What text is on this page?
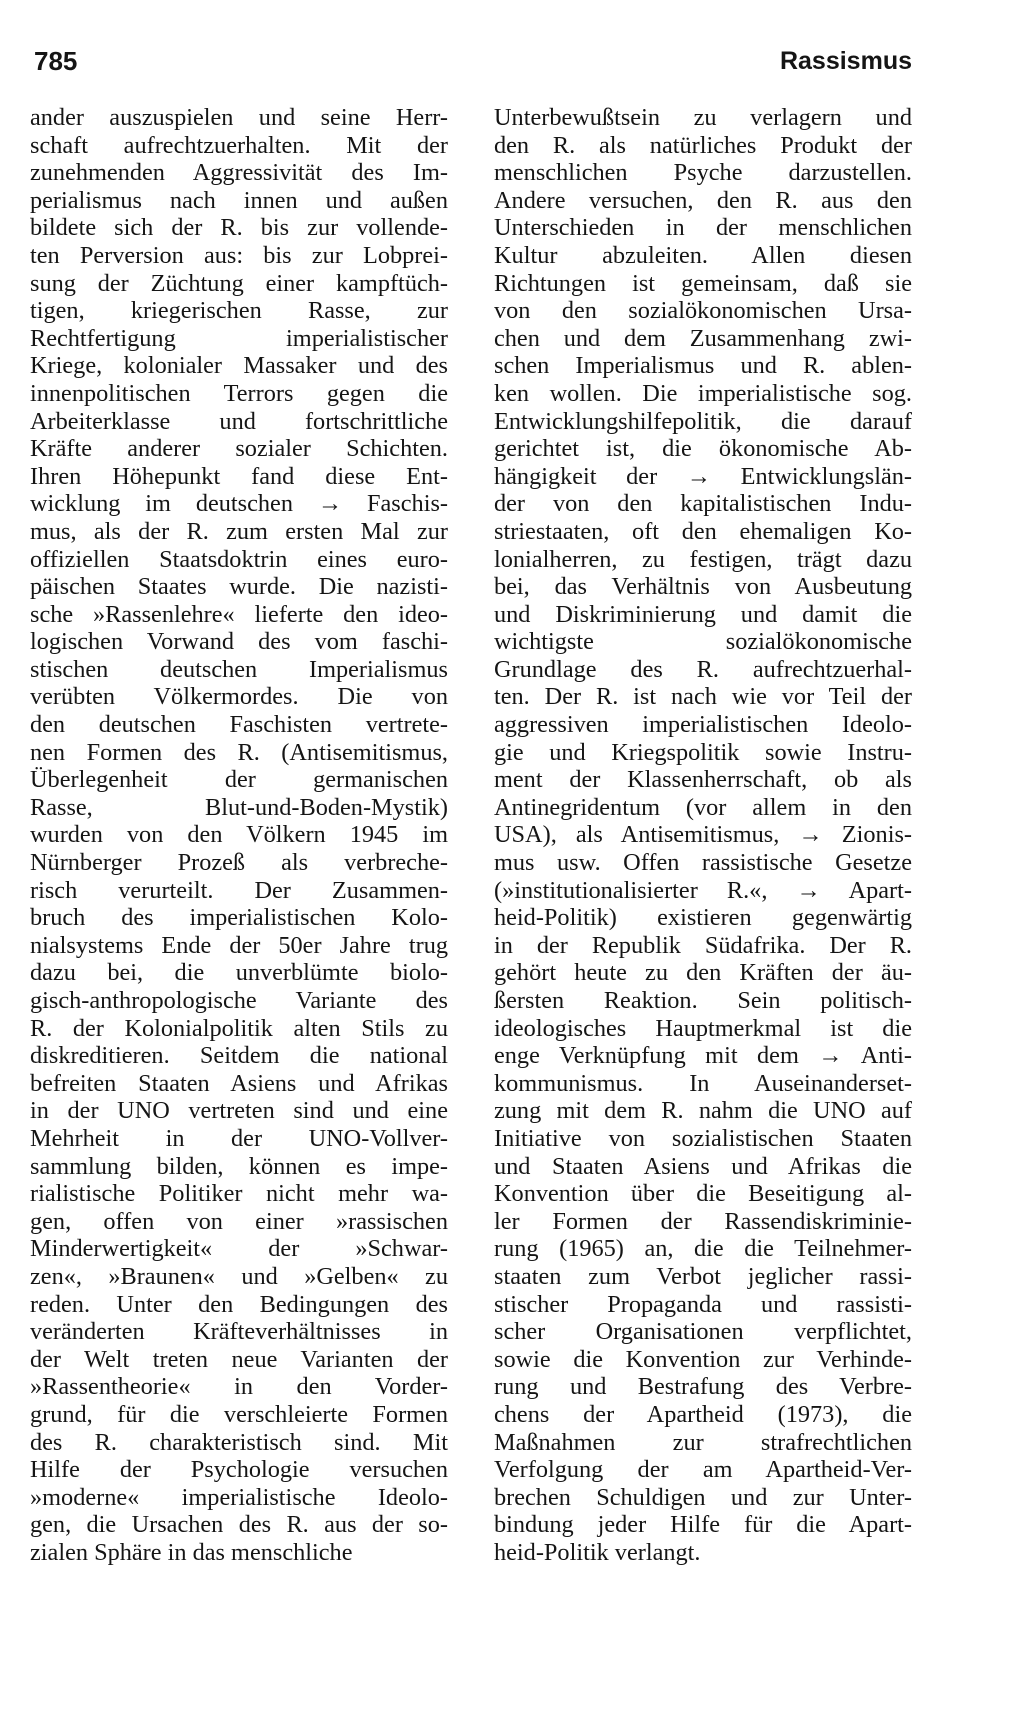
785	Rassismus
ander auszuspielen und seine Herr-
schaft aufrechtzuerhalten. Mit der
zunehmenden Aggressivität des Im-
perialismus nach innen und außen
bildete sich der R. bis zur vollende-
ten Perversion aus: bis zur Lobprei-
sung der Züchtung einer kampftüch-
tigen, kriegerischen Rasse, zur
Rechtfertigung imperialistischer
Kriege, kolonialer Massaker und des
innenpolitischen Terrors gegen die
Arbeiterklasse und fortschrittliche
Kräfte anderer sozialer Schichten.
Ihren Höhepunkt fand diese Ent-
wicklung im deutschen → Faschis-
mus, als der R. zum ersten Mal zur
offiziellen Staatsdoktrin eines euro-
päischen Staates wurde. Die nazisti-
sche »Rassenlehre« lieferte den ideo-
logischen Vorwand des vom faschi-
stischen deutschen Imperialismus
verübten Völkermordes. Die von
den deutschen Faschisten vertrete-
nen Formen des R. (Antisemitismus,
Überlegenheit der germanischen
Rasse, Blut-und-Boden-Mystik)
wurden von den Völkern 1945 im
Nürnberger Prozeß als verbreche-
risch verurteilt. Der Zusammen-
bruch des imperialistischen Kolo-
nialsystems Ende der 50er Jahre trug
dazu bei, die unverblümte biolo-
gisch-anthropologische Variante des
R. der Kolonialpolitik alten Stils zu
diskreditieren. Seitdem die national
befreiten Staaten Asiens und Afrikas
in der UNO vertreten sind und eine
Mehrheit in der UNO-Vollver-
sammlung bilden, können es impe-
rialistische Politiker nicht mehr wa-
gen, offen von einer »rassischen
Minderwertigkeit« der »Schwar-
zen«, »Braunen« und »Gelben« zu
reden. Unter den Bedingungen des
veränderten Kräfteverhältnisses in
der Welt treten neue Varianten der
»Rassentheorie« in den Vorder-
grund, für die verschleierte Formen
des R. charakteristisch sind. Mit
Hilfe der Psychologie versuchen
»moderne« imperialistische Ideolo-
gen, die Ursachen des R. aus der so-
zialen Sphäre in das menschliche
Unterbewußtsein zu verlagern und
den R. als natürliches Produkt der
menschlichen Psyche darzustellen.
Andere versuchen, den R. aus den
Unterschieden in der menschlichen
Kultur abzuleiten. Allen diesen
Richtungen ist gemeinsam, daß sie
von den sozialökonomischen Ursa-
chen und dem Zusammenhang zwi-
schen Imperialismus und R. ablen-
ken wollen. Die imperialistische sog.
Entwicklungshilfepolitik, die darauf
gerichtet ist, die ökonomische Ab-
hängigkeit der → Entwicklungslän-
der von den kapitalistischen Indu-
striestaaten, oft den ehemaligen Ko-
lonialherren, zu festigen, trägt dazu
bei, das Verhältnis von Ausbeutung
und Diskriminierung und damit die
wichtigste sozialökonomische
Grundlage des R. aufrechtzuerhal-
ten. Der R. ist nach wie vor Teil der
aggressiven imperialistischen Ideolo-
gie und Kriegspolitik sowie Instru-
ment der Klassenherrschaft, ob als
Antinegridentum (vor allem in den
USA), als Antisemitismus, → Zionis-
mus usw. Offen rassistische Gesetze
(»institutionalisierter R.«, → Apart-
heid-Politik) existieren gegenwärtig
in der Republik Südafrika. Der R.
gehört heute zu den Kräften der äu-
ßersten Reaktion. Sein politisch-
ideologisches Hauptmerkmal ist die
enge Verknüpfung mit dem → Anti-
kommunismus. In Auseinanderset-
zung mit dem R. nahm die UNO auf
Initiative von sozialistischen Staaten
und Staaten Asiens und Afrikas die
Konvention über die Beseitigung al-
ler Formen der Rassendiskriminie-
rung (1965) an, die die Teilnehmer-
staaten zum Verbot jeglicher rassi-
stischer Propaganda und rassisti-
scher Organisationen verpflichtet,
sowie die Konvention zur Verhinde-
rung und Bestrafung des Verbre-
chens der Apartheid (1973), die
Maßnahmen zur strafrechtlichen
Verfolgung der am Apartheid-Ver-
brechen Schuldigen und zur Unter-
bindung jeder Hilfe für die Apart-
heid-Politik verlangt.
